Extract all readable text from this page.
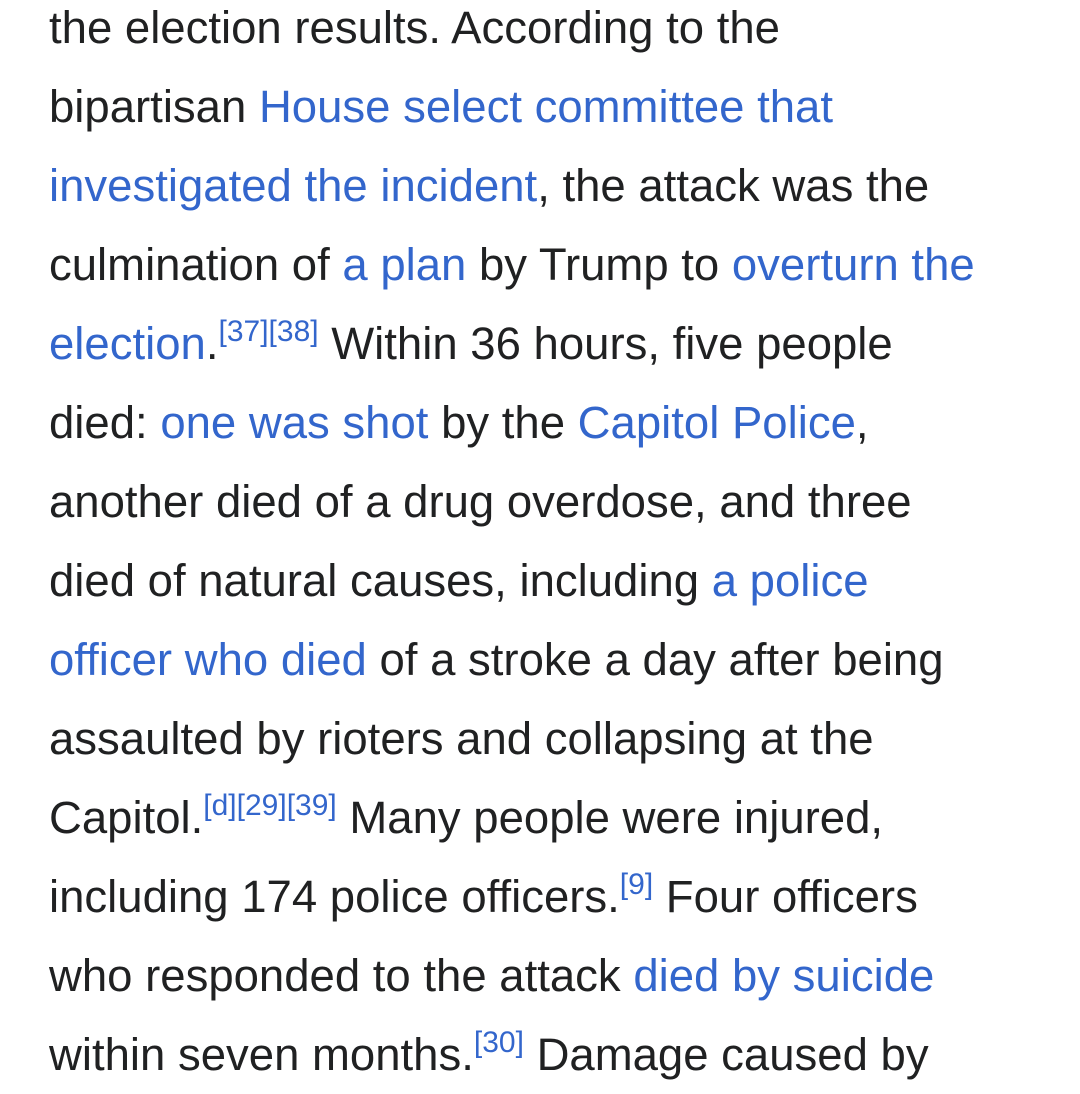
the election results. According to the
bipartisan House select committee that
investigated the incident, the attack was the
culmination of a plan by Trump to overturn the
election.[37][38] Within 36 hours, five people
died: one was shot by the Capitol Police,
another died of a drug overdose, and three
died of natural causes, including a police
officer who died of a stroke a day after being
assaulted by rioters and collapsing at the
Capitol.[d][29][39] Many people were injured,
including 174 police officers.[9] Four officers
who responded to the attack died by suicide
within seven months.[30] Damage caused by
